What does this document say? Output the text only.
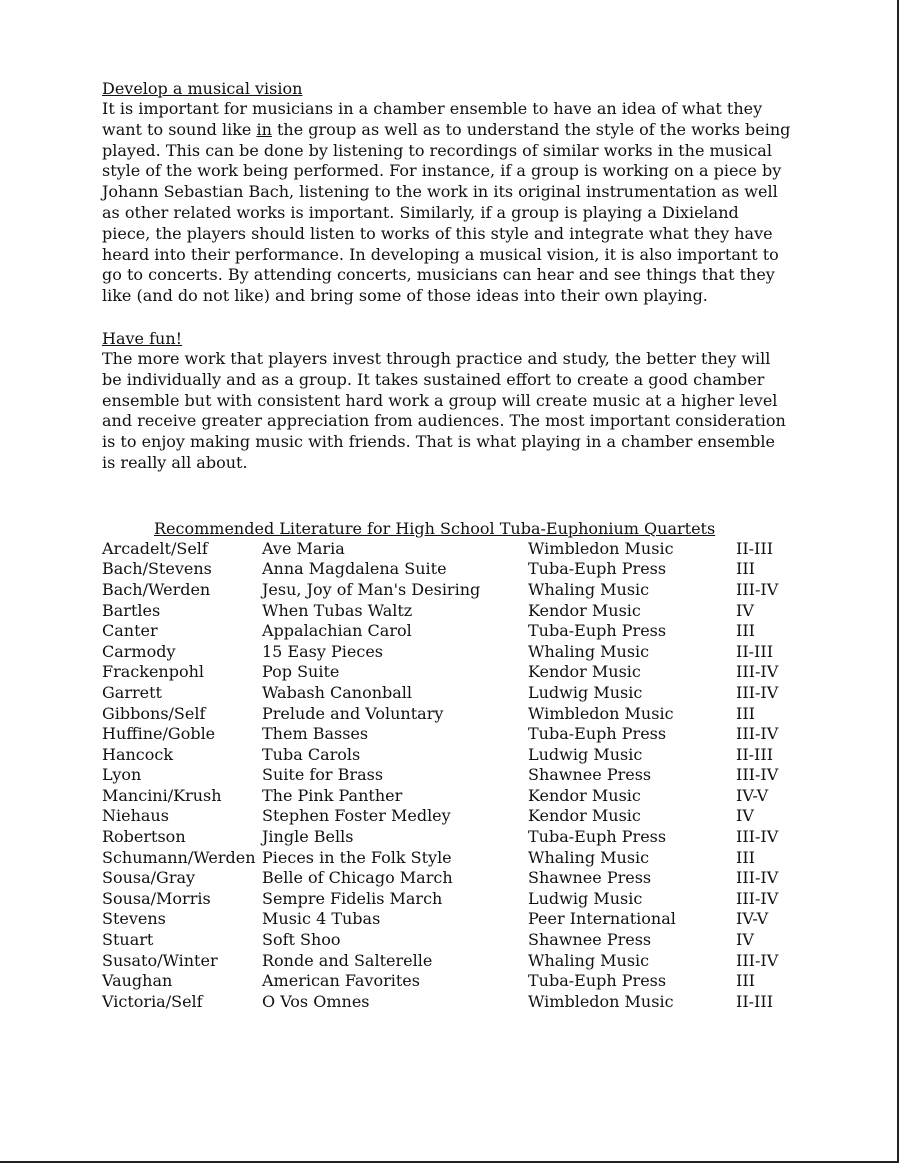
Develop a musical vision

It is important for musicians in a chamber ensemble to have an idea of what they want to sound like in the group as well as to understand the style of the works being played. This can be done by listening to recordings of similar works in the musical style of the work being performed. For instance, if a group is working on a piece by Johann Sebastian Bach, listening to the work in its original instrumentation as well as other related works is important. Similarly, if a group is playing a Dixieland piece, the players should listen to works of this style and integrate what they have heard into their performance. In developing a musical vision, it is also important to go to concerts. By attending concerts, musicians can hear and see things that they like (and do not like) and bring some of those ideas into their own playing.

Have fun!

The more work that players invest through practice and study, the better they will be individually and as a group. It takes sustained effort to create a good chamber ensemble but with consistent hard work a group will create music at a higher level and receive greater appreciation from audiences. The most important consideration is to enjoy making music with friends. That is what playing in a chamber ensemble is really all about.

Recommended Literature for High School Tuba-Euphonium Quartets

Arcadelt/Self	Ave Maria	Wimbledon Music	II-III
Bach/Stevens	Anna Magdalena Suite	Tuba-Euph Press	III
Bach/Werden	Jesu, Joy of Man's Desiring	Whaling Music	III-IV
Bartles	When Tubas Waltz	Kendor Music	IV
Canter	Appalachian Carol	Tuba-Euph Press	III
Carmody	15 Easy Pieces	Whaling Music	II-III
Frackenpohl	Pop Suite	Kendor Music	III-IV
Garrett	Wabash Canonball	Ludwig Music	III-IV
Gibbons/Self	Prelude and Voluntary	Wimbledon Music	III
Huffine/Goble	Them Basses	Tuba-Euph Press	III-IV
Hancock	Tuba Carols	Ludwig Music	II-III
Lyon	Suite for Brass	Shawnee Press	III-IV
Mancini/Krush	The Pink Panther	Kendor Music	IV-V
Niehaus	Stephen Foster Medley	Kendor Music	IV
Robertson	Jingle Bells	Tuba-Euph Press	III-IV
Schumann/Werden	Pieces in the Folk Style	Whaling Music	III
Sousa/Gray	Belle of Chicago March	Shawnee Press	III-IV
Sousa/Morris	Sempre Fidelis March	Ludwig Music	III-IV
Stevens	Music 4 Tubas	Peer International	IV-V
Stuart	Soft Shoo	Shawnee Press	IV
Susato/Winter	Ronde and Salterelle	Whaling Music	III-IV
Vaughan	American Favorites	Tuba-Euph Press	III
Victoria/Self	O Vos Omnes	Wimbledon Music	II-III
